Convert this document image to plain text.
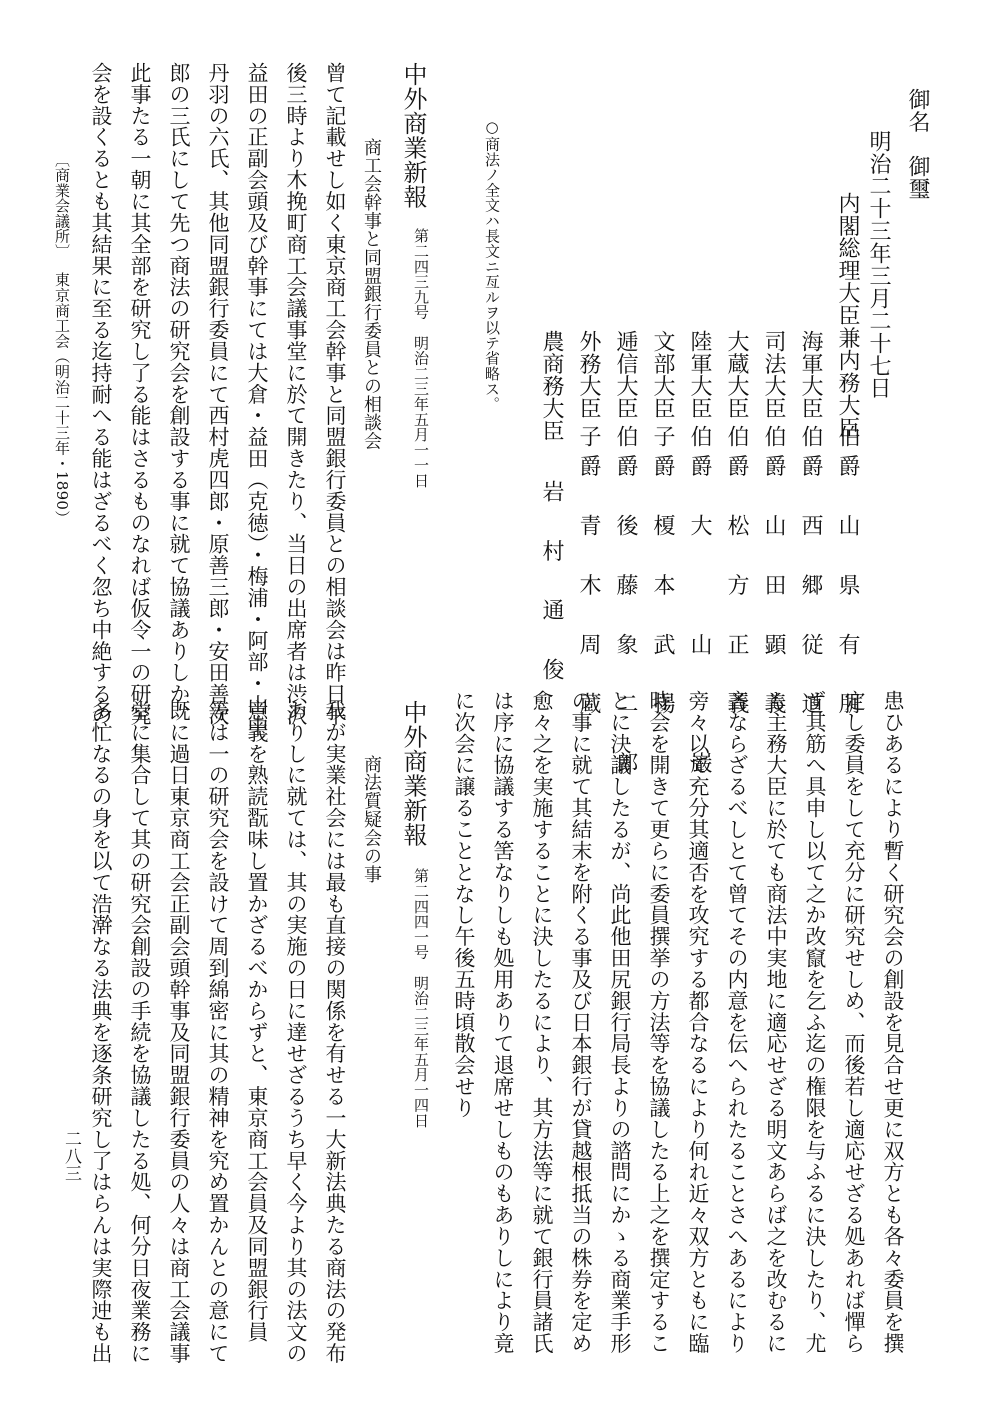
御名　御璽
明治二十三年三月二十七日
内閣総理大臣兼内務大臣
伯爵　山　県　有　朋
海軍大臣
伯爵　西　郷　従　道
司法大臣
伯爵　山　田　顕　義
大蔵大臣
伯爵　松　方　正　義
陸軍大臣
伯爵　大　　　山　　　巌
文部大臣
子爵　榎　本　武　揚
逓信大臣
伯爵　後　藤　象　二　郎
外務大臣
子爵　青　木　周　蔵
農商務大臣
岩　村　通　俊
○商法ノ全文ハ長文ニ亙ルヲ以テ省略ス。
中外商業新報
第二四三九号　明治二三年五月一一日
商工会幹事と同盟銀行委員との相談会
曾て記載せし如く東京商工会幹事と同盟銀行委員との相談会は昨日午
後三時より木挽町商工会議事堂に於て開きたり、当日の出席者は渋沢
益田の正副会頭及び幹事にては大倉・益田（克徳）・梅浦・阿部・山中
丹羽の六氏、其他同盟銀行委員にて西村虎四郎・原善三郎・安田善次
郎の三氏にして先つ商法の研究会を創設する事に就て協議ありしか、
此事たる一朝に其全部を研究し了る能はさるものなれば仮令一の研究
会を設くるとも其結果に至る迄持耐へる能はざるべく忽ち中絶するの
〔商業会議所〕
東京商工会（明治二十三年・1890）
患ひあるにより暫く研究会の創設を見合せ更に双方とも各々委員を撰
定し委員をして充分に研究せしめ、而後若し適応せざる処あれば憚ら
ず其筋へ具申し以て之か改竄を乞ふ迄の権限を与ふるに決したり、尤
も主務大臣に於ても商法中実地に適応せざる明文あらば之を改むるに
吝ならざるべしとて曾てその内意を伝へられたることさへあるにより
旁々以て充分其適否を攻究する都合なるにより何れ近々双方ともに臨
時会を開きて更らに委員撰挙の方法等を協議したる上之を撰定するこ
とに決議したるが、尚此他田尻銀行局長よりの諮問にかゝる商業手形
の事に就て其結末を附くる事及び日本銀行が貸越根抵当の株券を定め
愈々之を実施することに決したるにより、其方法等に就て銀行員諸氏
は序に協議する筈なりしも処用ありて退席せしものもありしにより竟
に次会に譲ることとなし午後五時頃散会せり
中外商業新報
第二四四一号　明治二三年五月一四日
商法質疑会の事
我が実業社会には最も直接の関係を有せる一大新法典たる商法の発布
ありしに就ては、其の実施の日に達せざるうち早く今より其の法文の
意義を熟読翫味し置かざるべからずと、東京商工会員及同盟銀行員
等は一の研究会を設けて周到綿密に其の精神を究め置かんとの意にて
既に過日東京商工会正副会頭幹事及同盟銀行委員の人々は商工会議事
堂に集合して其の研究会創設の手続を協議したる処、何分日夜業務に
多忙なるの身を以て浩澣なる法典を逐条研究し了はらんは実際迚も出
二八三
